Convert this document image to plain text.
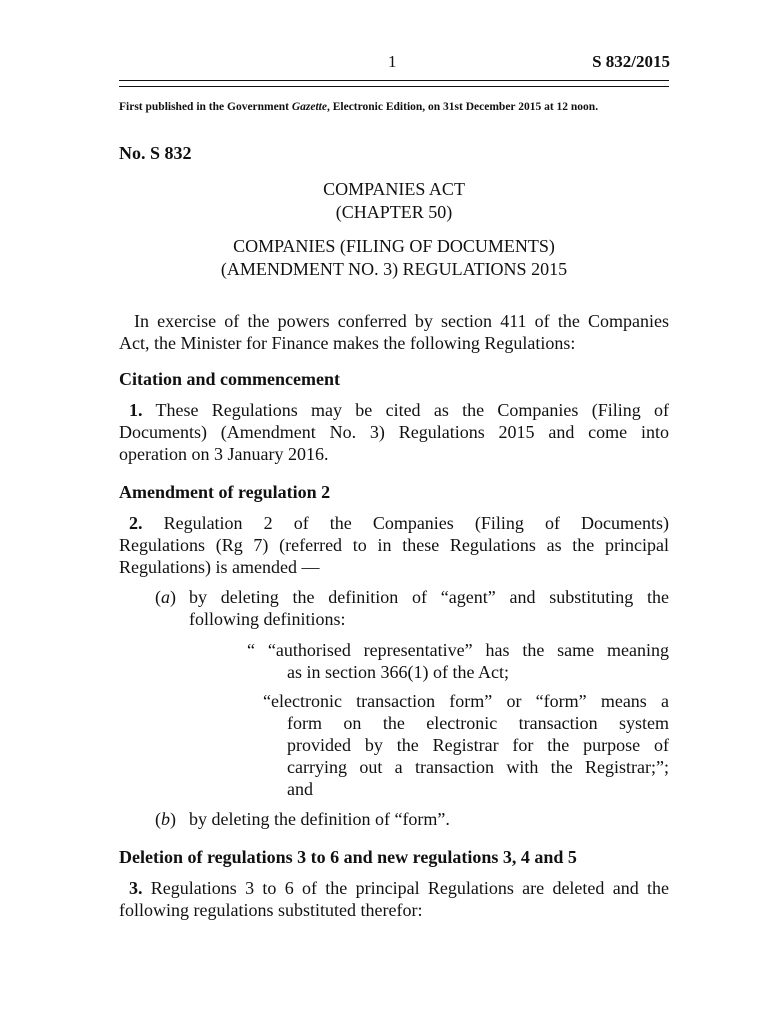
1	S 832/2015
First published in the Government Gazette, Electronic Edition, on 31st December 2015 at 12 noon.
No. S 832
COMPANIES ACT
(CHAPTER 50)
COMPANIES (FILING OF DOCUMENTS)
(AMENDMENT NO. 3) REGULATIONS 2015
In exercise of the powers conferred by section 411 of the Companies
Act, the Minister for Finance makes the following Regulations:
Citation and commencement
1. These Regulations may be cited as the Companies (Filing of
Documents) (Amendment No. 3) Regulations 2015 and come into
operation on 3 January 2016.
Amendment of regulation 2
2. Regulation 2 of the Companies (Filing of Documents)
Regulations (Rg 7) (referred to in these Regulations as the principal
Regulations) is amended —
(a) by deleting the definition of “agent” and substituting the
following definitions:
“ “authorised representative” has the same meaning
as in section 366(1) of the Act;
“electronic transaction form” or “form” means a
form on the electronic transaction system
provided by the Registrar for the purpose of
carrying out a transaction with the Registrar;”;
and
(b) by deleting the definition of “form”.
Deletion of regulations 3 to 6 and new regulations 3, 4 and 5
3. Regulations 3 to 6 of the principal Regulations are deleted and the
following regulations substituted therefor:
